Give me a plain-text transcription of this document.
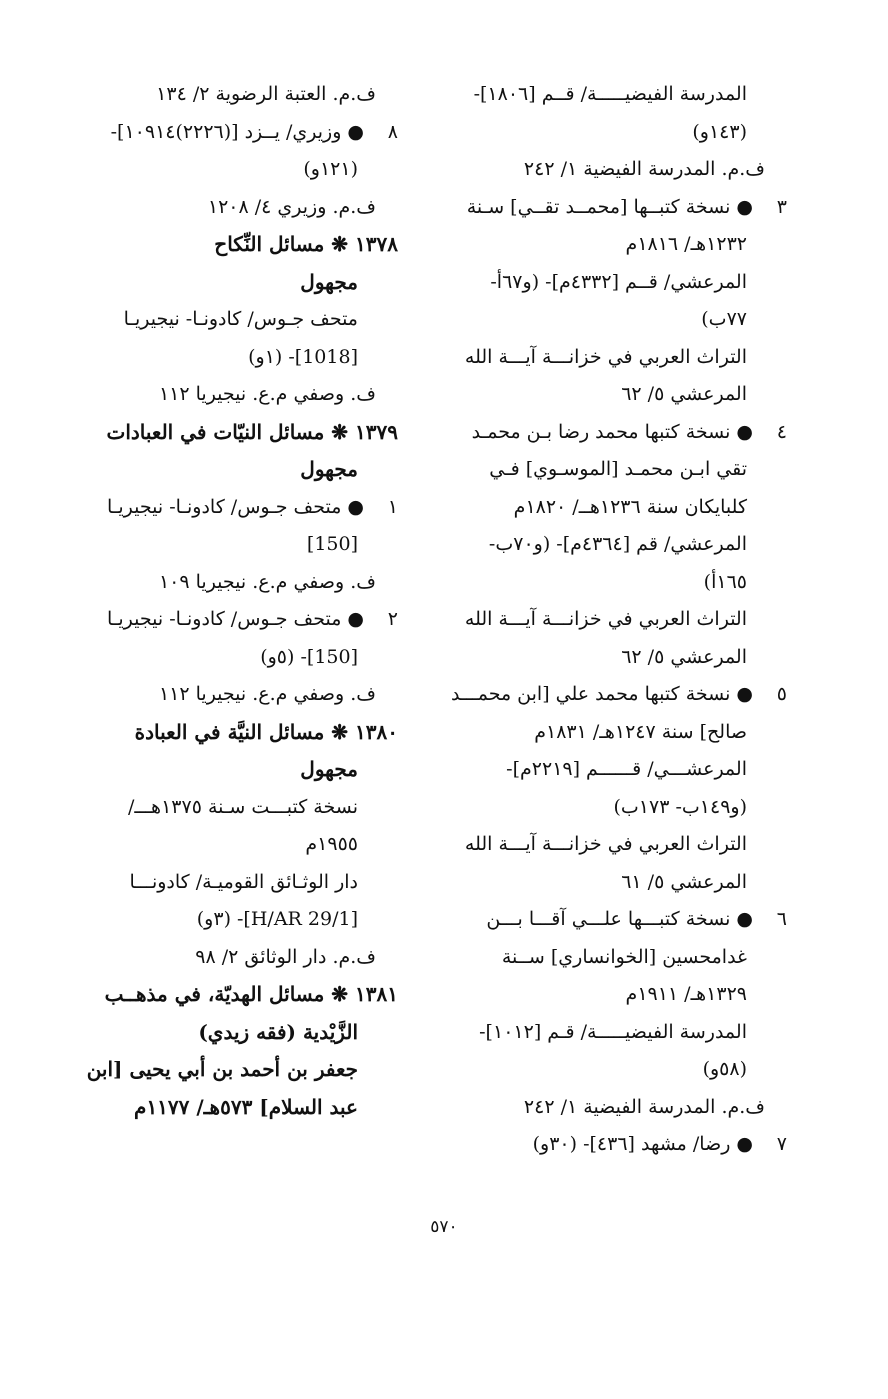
المدرسة الفيضيـــــة/ قــم [١٨٠٦]-
(١٤٣و)
ف.م. المدرسة الفيضية ١/ ٢٤٢
٣●نسخة كتبــها [محمــد تقــي] سـنة
١٢٣٢هـ/ ١٨١٦م
المرعشي/ قــم [٤٣٣٢م]- (و٦٧أ-
٧٧ب)
التراث العربي في خزانـــة آيـــة الله
المرعشي ٥/ ٦٢
٤●نسخة كتبها محمد رضا بـن محمـد
تقي ابـن محمـد [الموسـوي] فـي
كلبايكان سنة ١٢٣٦هــ/ ١٨٢٠م
المرعشي/ قم [٤٣٦٤م]- (و٧٠ب-
١٦٥أ)
التراث العربي في خزانـــة آيـــة الله
المرعشي ٥/ ٦٢
٥●نسخة كتبها محمد علي [ابن محمـــد
صالح] سنة ١٢٤٧هـ/ ١٨٣١م
المرعشـــي/ قــــــم [٢٢١٩م]-
(و١٤٩ب- ١٧٣ب)
التراث العربي في خزانـــة آيـــة الله
المرعشي ٥/ ٦١
٦●نسخة كتبـــها علـــي آقـــا بـــن
غدامحسين [الخوانساري] ســنة
١٣٢٩هـ/ ١٩١١م
المدرسة الفيضيـــــة/ قـم [١٠١٢]-
(٥٨و)
ف.م. المدرسة الفيضية ١/ ٢٤٢
٧●رضا/ مشهد [٤٣٦]- (٣٠و)
ف.م. العتبة الرضوية ٢/ ١٣٤
٨●وزيري/ يــزد [(٢٢٢٦)١٠٩١٤]-
(١٢١و)
ف.م. وزيري ٤/ ١٢٠٨
١٣٧٨ ❋ مسائل النِّكاح
مجهول
متحف جـوس/ كادونـا- نيجيريـا
[1018]- (١و)
ف. وصفي م.ع. نيجيريا ١١٢
١٣٧٩ ❋ مسائل النيّات في العبادات
مجهول
١●متحف جـوس/ كادونـا- نيجيريـا
[150]
ف. وصفي م.ع. نيجيريا ١٠٩
٢●متحف جـوس/ كادونـا- نيجيريـا
[150]- (٥و)
ف. وصفي م.ع. نيجيريا ١١٢
١٣٨٠ ❋ مسائل النيَّة في العبادة
مجهول
نسخة كتبـــت سـنة ١٣٧٥هـــ/
١٩٥٥م
دار الوثـائق القوميـة/ كادونـــا
[H/AR 29/1]- (٣و)
ف.م. دار الوثائق ٢/ ٩٨
١٣٨١ ❋ مسائل الهديّة، في مذهــب
الزَّيْدية (فقه زيدي)
جعفر بن أحمد بن أبي يحيى [ابن
عبد السلام] ٥٧٣هـ/ ١١٧٧م
٥٧٠
